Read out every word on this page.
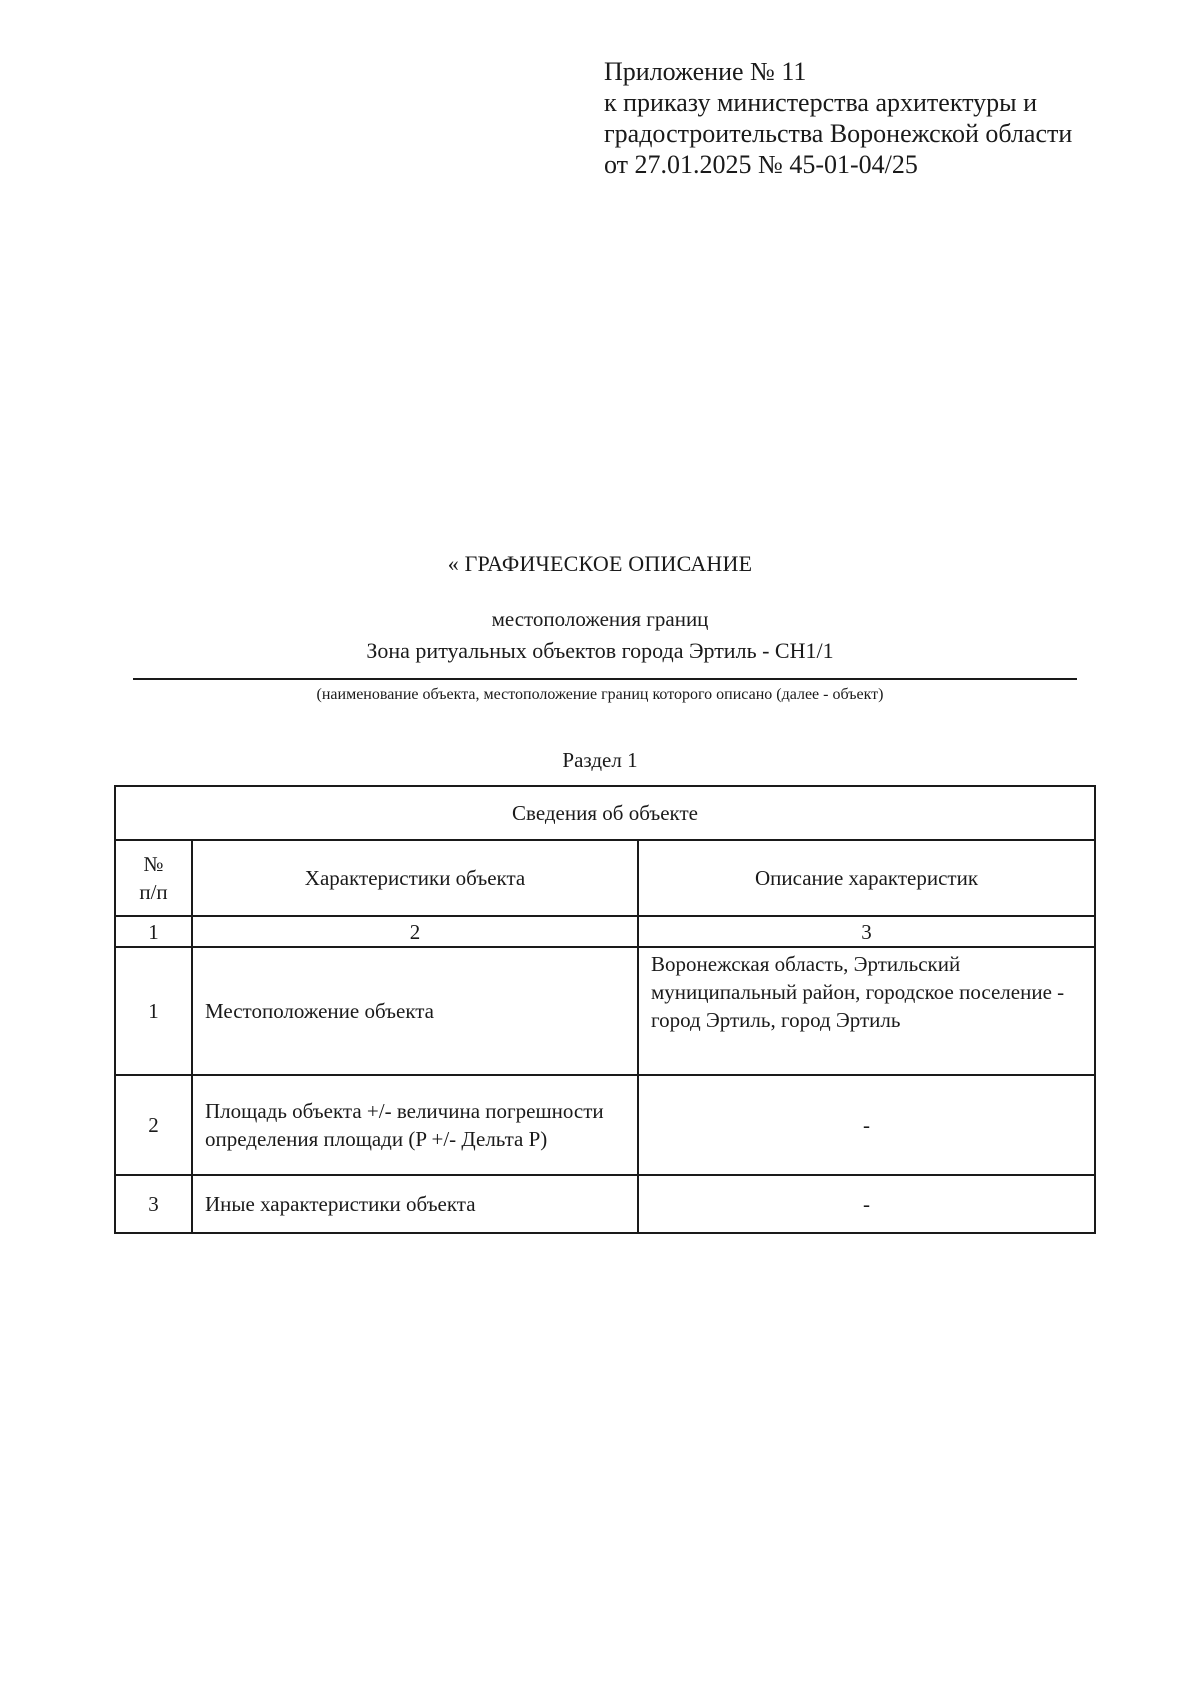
Приложение № 11
к приказу министерства архитектуры и
градостроительства Воронежской области
от 27.01.2025 № 45-01-04/25
« ГРАФИЧЕСКОЕ ОПИСАНИЕ
местоположения границ
Зона ритуальных объектов города Эртиль - СН1/1
(наименование объекта, местоположение границ которого описано (далее - объект)
Раздел 1
Сведения об объекте		
№ п/п	Характеристики объекта	Описание характеристик
1	2	3
1	Местоположение объекта	Воронежская область, Эртильский муниципальный район, городское поселение - город Эртиль, город Эртиль
2	Площадь объекта +/- величина погрешности определения площади (P +/- Дельта P)	-
3	Иные характеристики объекта	-
